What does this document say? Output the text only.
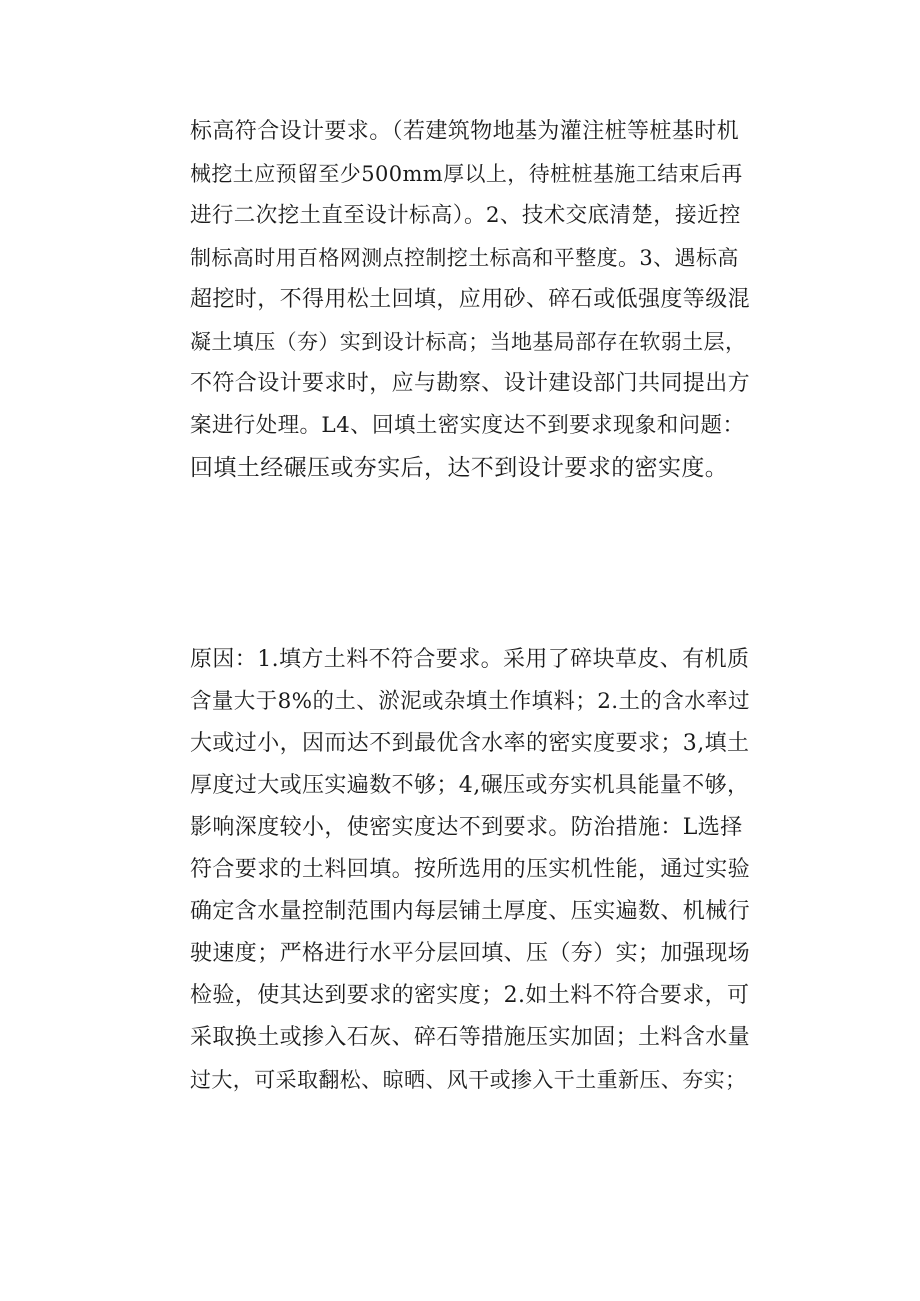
标高符合设计要求。（若建筑物地基为灌注桩等桩基时机
械挖土应预留至少500mm厚以上，待桩桩基施工结束后再
进行二次挖土直至设计标高）。2、技术交底清楚，接近控
制标高时用百格网测点控制挖土标高和平整度。3、遇标高
超挖时，不得用松土回填，应用砂、碎石或低强度等级混
凝土填压（夯）实到设计标高；当地基局部存在软弱土层，
不符合设计要求时，应与勘察、设计建设部门共同提出方
案进行处理。L4、回填土密实度达不到要求现象和问题：
回填土经碾压或夯实后，达不到设计要求的密实度。
原因：1.填方土料不符合要求。采用了碎块草皮、有机质
含量大于8%的土、淤泥或杂填土作填料；2.土的含水率过
大或过小，因而达不到最优含水率的密实度要求；3,填土
厚度过大或压实遍数不够；4,碾压或夯实机具能量不够，
影响深度较小，使密实度达不到要求。防治措施：L选择
符合要求的土料回填。按所选用的压实机性能，通过实验
确定含水量控制范围内每层铺土厚度、压实遍数、机械行
驶速度；严格进行水平分层回填、压（夯）实；加强现场
检验，使其达到要求的密实度；2.如土料不符合要求，可
采取换土或掺入石灰、碎石等措施压实加固；土料含水量
过大，可采取翻松、晾晒、风干或掺入干土重新压、夯实；
